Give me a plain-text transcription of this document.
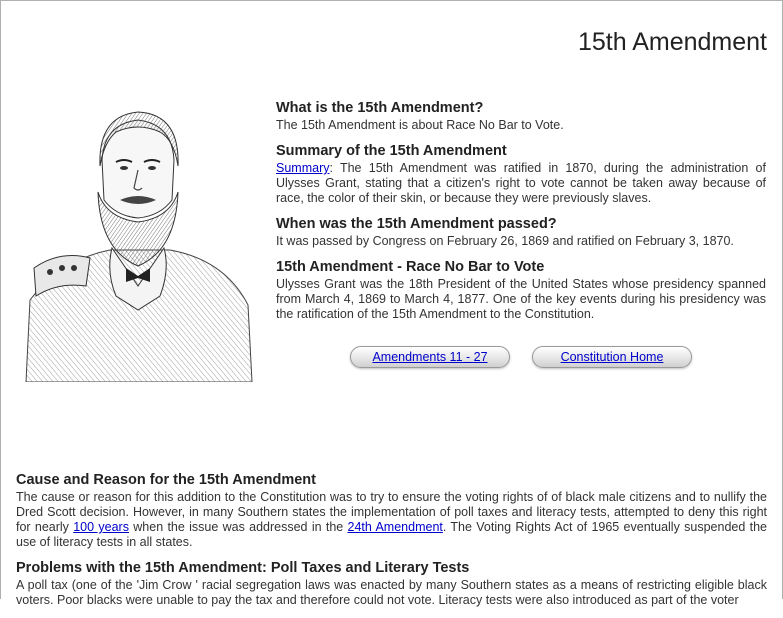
15th Amendment
What is the 15th Amendment?

The 15th Amendment is about Race No Bar to Vote.

Summary of the 15th Amendment

Summary: The 15th Amendment was ratified in 1870, during the administration of Ulysses Grant, stating that a citizen's right to vote cannot be taken away because of race, the color of their skin, or because they were previously slaves.

When was the 15th Amendment passed?

It was passed by Congress on February 26, 1869 and ratified on February 3, 1870.

15th Amendment - Race No Bar to Vote

Ulysses Grant was the 18th President of the United States whose presidency spanned from March 4, 1869 to March 4, 1877. One of the key events during his presidency was the ratification of the 15th Amendment to the Constitution.

Amendments 11 - 27	Constitution Home
Cause and Reason for the 15th Amendment

The cause or reason for this addition to the Constitution was to try to ensure the voting rights of of black male citizens and to nullify the Dred Scott decision. However, in many Southern states the implementation of poll taxes and literacy tests, attempted to deny this right for nearly 100 years when the issue was addressed in the 24th Amendment. The Voting Rights Act of 1965 eventually suspended the use of literacy tests in all states.

Problems with the 15th Amendment: Poll Taxes and Literary Tests

A poll tax (one of the 'Jim Crow ' racial segregation laws was enacted by many Southern states as a means of restricting eligible black voters. Poor blacks were unable to pay the tax and therefore could not vote. Literacy tests were also introduced as part of the voter
